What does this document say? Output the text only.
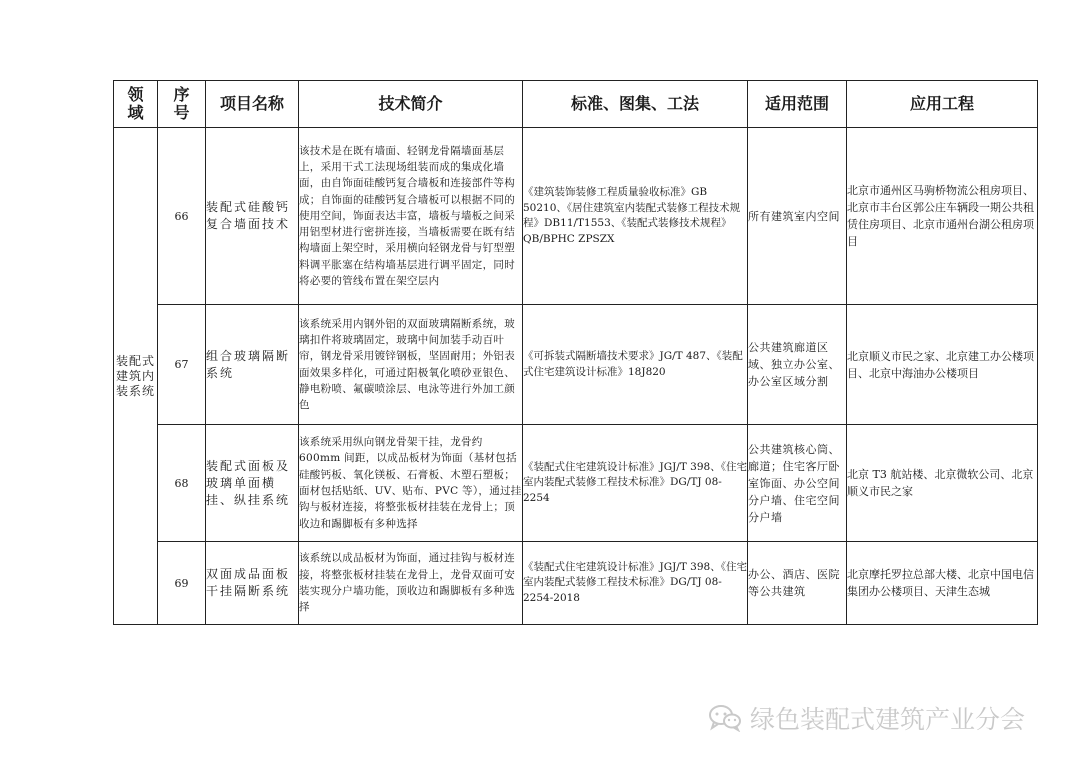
领域	序号	项目名称	技术简介	标准、图集、工法	适用范围	应用工程
装配式建筑内装系统	66	装配式硅酸钙复合墙面技术	该技术是在既有墙面、轻钢龙骨隔墙面基层上，采用干式工法现场组装而成的集成化墙面，由自饰面硅酸钙复合墙板和连接部件等构成；自饰面的硅酸钙复合墙板可以根据不同的使用空间，饰面表达丰富，墙板与墙板之间采用铝型材进行密拼连接，当墙板需要在既有结构墙面上架空时，采用横向轻钢龙骨与钉型塑料调平胀塞在结构墙基层进行调平固定，同时将必要的管线布置在架空层内	《建筑装饰装修工程质量验收标准》GB 50210、《居住建筑室内装配式装修工程技术规程》DB11/T1553、《装配式装修技术规程》QB/BPHC ZPSZX	所有建筑室内空间	北京市通州区马驹桥物流公租房项目、北京市丰台区郭公庄车辆段一期公共租赁住房项目、北京市通州台湖公租房项目
	67	组合玻璃隔断系统	该系统采用内钢外铝的双面玻璃隔断系统，玻璃扣件将玻璃固定，玻璃中间加装手动百叶帘，钢龙骨采用镀锌钢板，坚固耐用；外铝表面效果多样化，可通过阳极氧化喷砂亚银色、静电粉喷、氟碳喷涂层、电泳等进行外加工颜色	《可拆装式隔断墙技术要求》JG/T 487、《装配式住宅建筑设计标准》18J820	公共建筑廊道区域、独立办公室、办公室区域分割	北京顺义市民之家、北京建工办公楼项目、北京中海油办公楼项目
	68	装配式面板及玻璃单面横挂、纵挂系统	该系统采用纵向钢龙骨架干挂，龙骨约 600mm 间距，以成品板材为饰面（基材包括硅酸钙板、氧化镁板、石膏板、木塑石塑板；面材包括贴纸、UV、贴布、PVC 等），通过挂钩与板材连接，将整张板材挂装在龙骨上；顶收边和踢脚板有多种选择	《装配式住宅建筑设计标准》JGJ/T 398、《住宅室内装配式装修工程技术标准》DG/TJ 08-2254	公共建筑核心筒、廊道；住宅客厅卧室饰面、办公空间分户墙、住宅空间分户墙	北京 T3 航站楼、北京微软公司、北京顺义市民之家
	69	双面成品面板干挂隔断系统	该系统以成品板材为饰面，通过挂钩与板材连接，将整张板材挂装在龙骨上，龙骨双面可安装实现分户墙功能，顶收边和踢脚板有多种选择	《装配式住宅建筑设计标准》JGJ/T 398、《住宅室内装配式装修工程技术标准》DG/TJ 08-2254-2018	办公、酒店、医院等公共建筑	北京摩托罗拉总部大楼、北京中国电信集团办公楼项目、天津生态城
绿色装配式建筑产业分会
